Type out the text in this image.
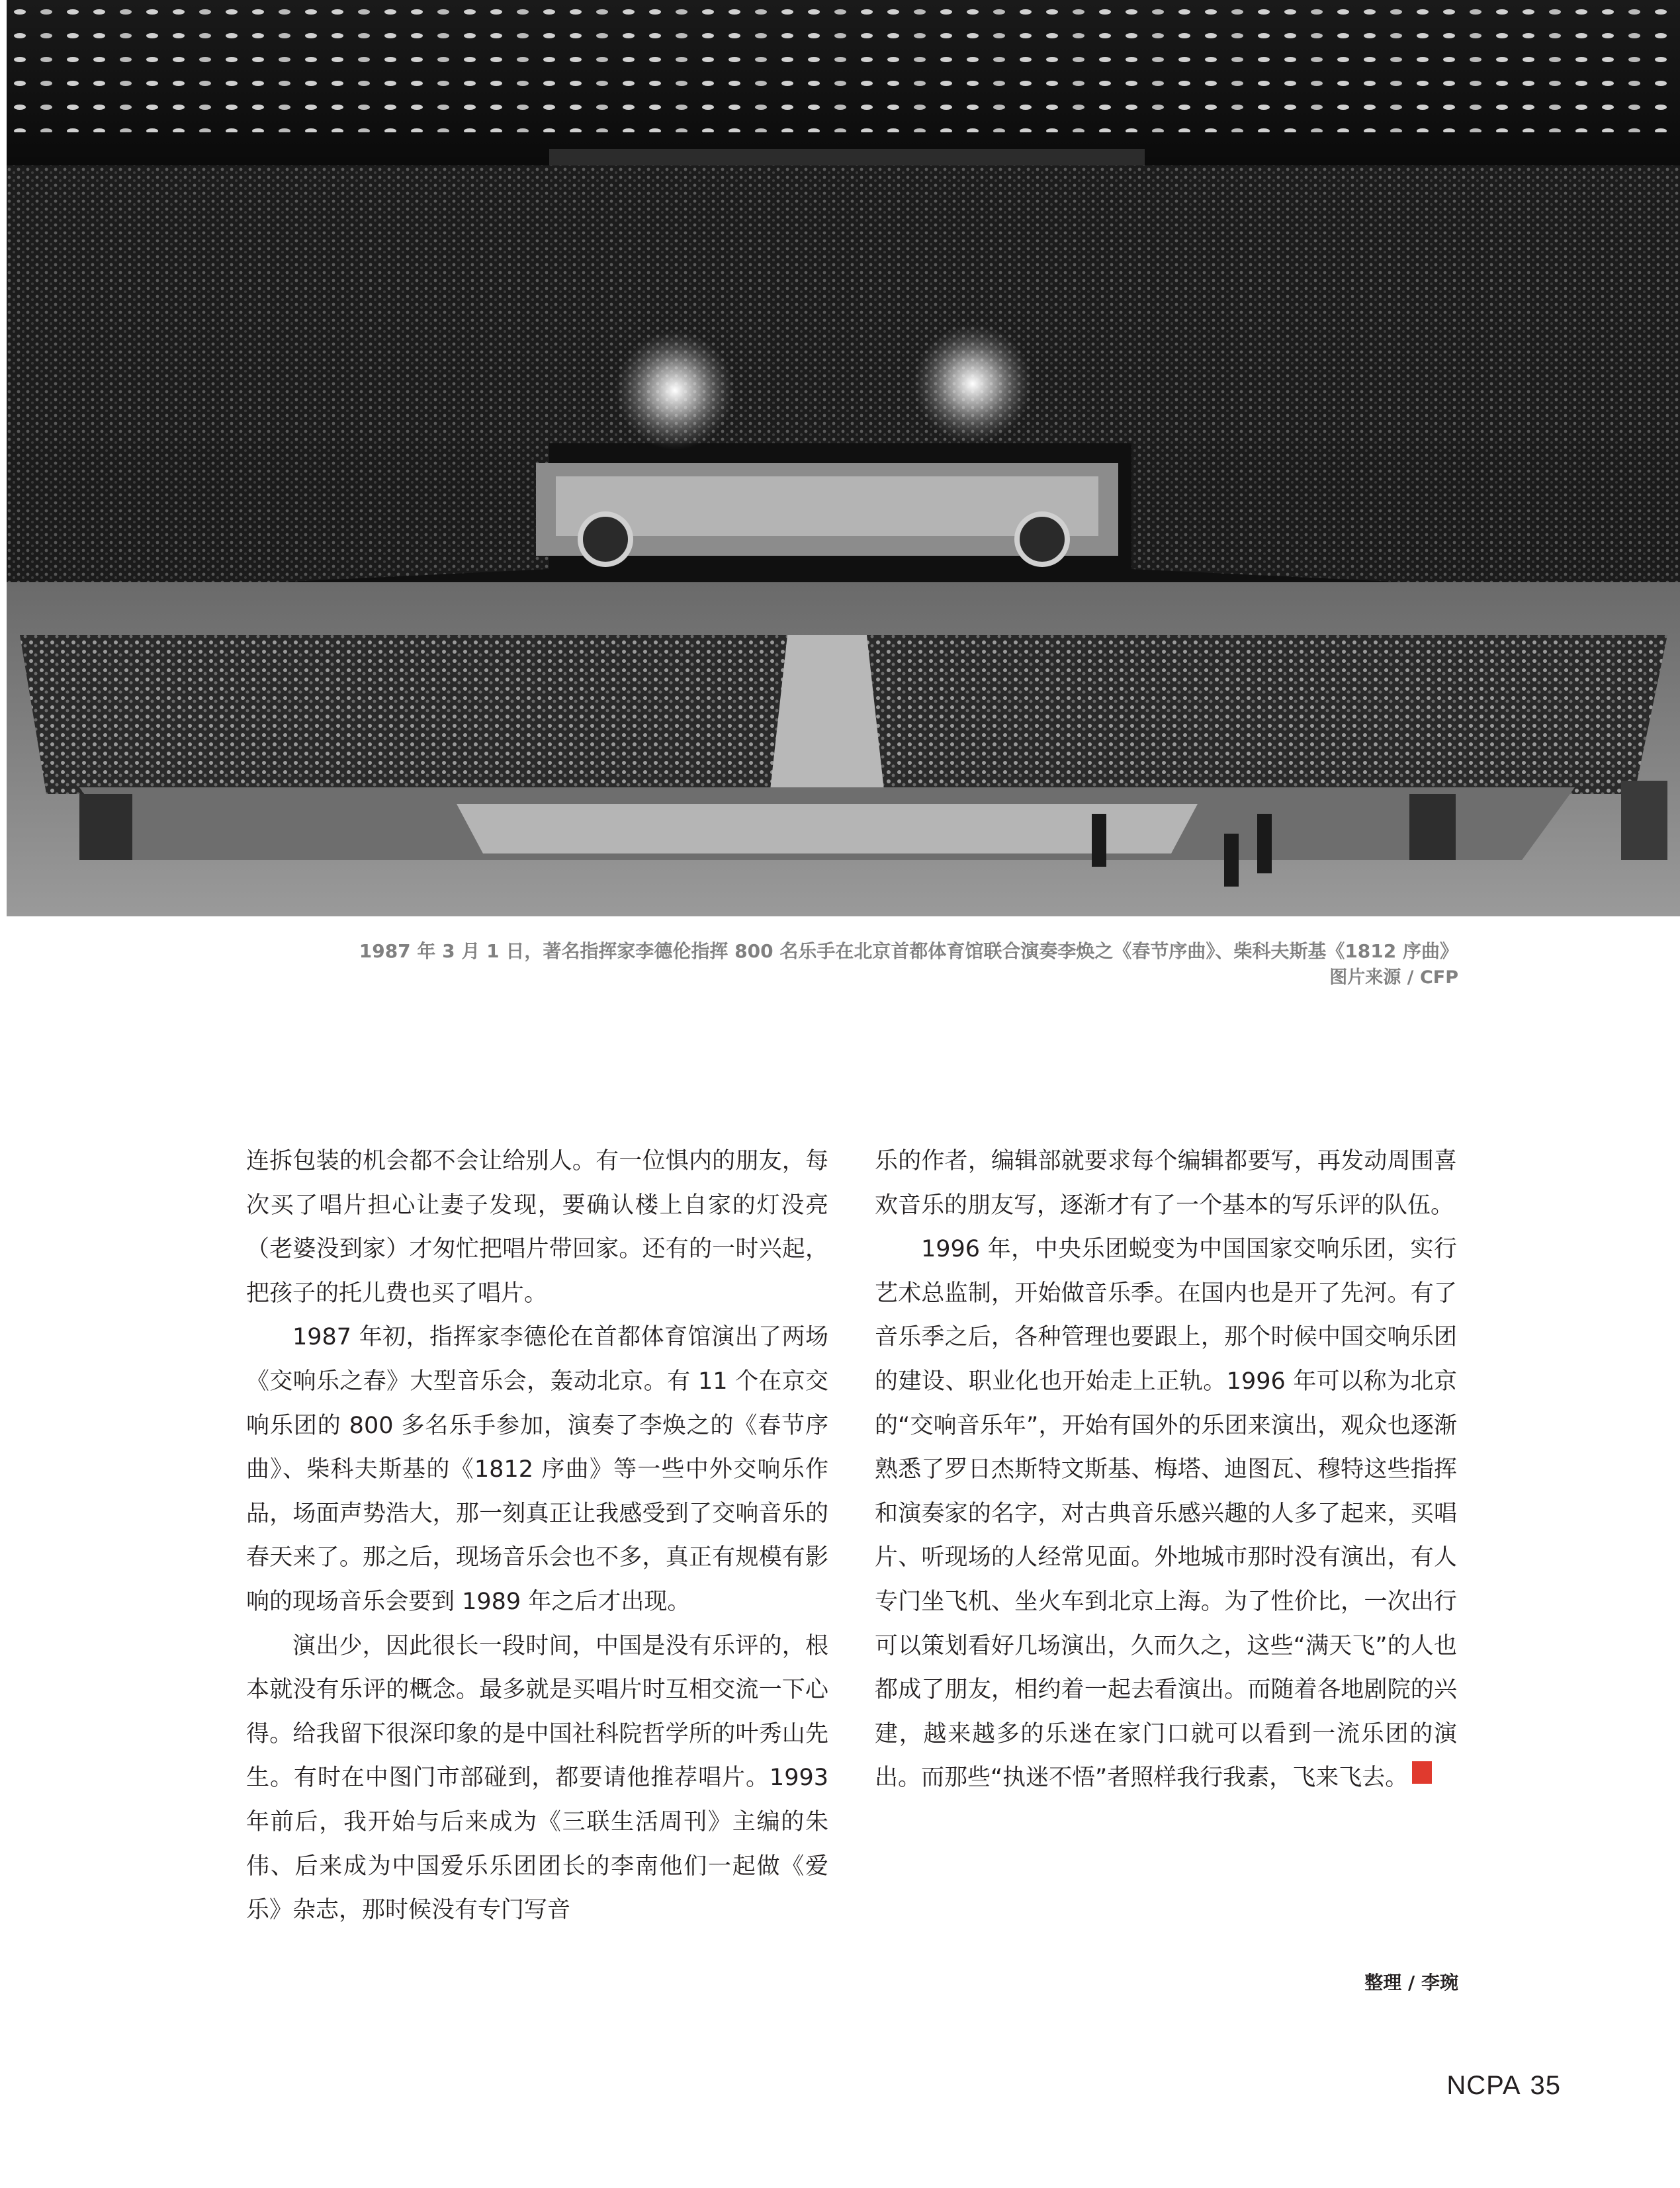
1987 年 3 月 1 日，著名指挥家李德伦指挥 800 名乐手在北京首都体育馆联合演奏李焕之《春节序曲》、柴科夫斯基《1812 序曲》
图片来源 / CFP

连拆包装的机会都不会让给别人。有一位惧内的朋友，每次买了唱片担心让妻子发现，要确认楼上自家的灯没亮（老婆没到家）才匆忙把唱片带回家。还有的一时兴起，把孩子的托儿费也买了唱片。

1987 年初，指挥家李德伦在首都体育馆演出了两场《交响乐之春》大型音乐会，轰动北京。有 11 个在京交响乐团的 800 多名乐手参加，演奏了李焕之的《春节序曲》、柴科夫斯基的《1812 序曲》等一些中外交响乐作品，场面声势浩大，那一刻真正让我感受到了交响音乐的春天来了。那之后，现场音乐会也不多，真正有规模有影响的现场音乐会要到 1989 年之后才出现。

演出少，因此很长一段时间，中国是没有乐评的，根本就没有乐评的概念。最多就是买唱片时互相交流一下心得。给我留下很深印象的是中国社科院哲学所的叶秀山先生。有时在中图门市部碰到，都要请他推荐唱片。1993 年前后，我开始与后来成为《三联生活周刊》主编的朱伟、后来成为中国爱乐乐团团长的李南他们一起做《爱乐》杂志，那时候没有专门写音

乐的作者，编辑部就要求每个编辑都要写，再发动周围喜欢音乐的朋友写，逐渐才有了一个基本的写乐评的队伍。

1996 年，中央乐团蜕变为中国国家交响乐团，实行艺术总监制，开始做音乐季。在国内也是开了先河。有了音乐季之后，各种管理也要跟上，那个时候中国交响乐团的建设、职业化也开始走上正轨。1996 年可以称为北京的“交响音乐年”，开始有国外的乐团来演出，观众也逐渐熟悉了罗日杰斯特文斯基、梅塔、迪图瓦、穆特这些指挥和演奏家的名字，对古典音乐感兴趣的人多了起来，买唱片、听现场的人经常见面。外地城市那时没有演出，有人专门坐飞机、坐火车到北京上海。为了性价比，一次出行可以策划看好几场演出，久而久之，这些“满天飞”的人也都成了朋友，相约着一起去看演出。而随着各地剧院的兴建，越来越多的乐迷在家门口就可以看到一流乐团的演出。而那些“执迷不悟”者照样我行我素，飞来飞去。

整理 / 李琬
NCPA 35
